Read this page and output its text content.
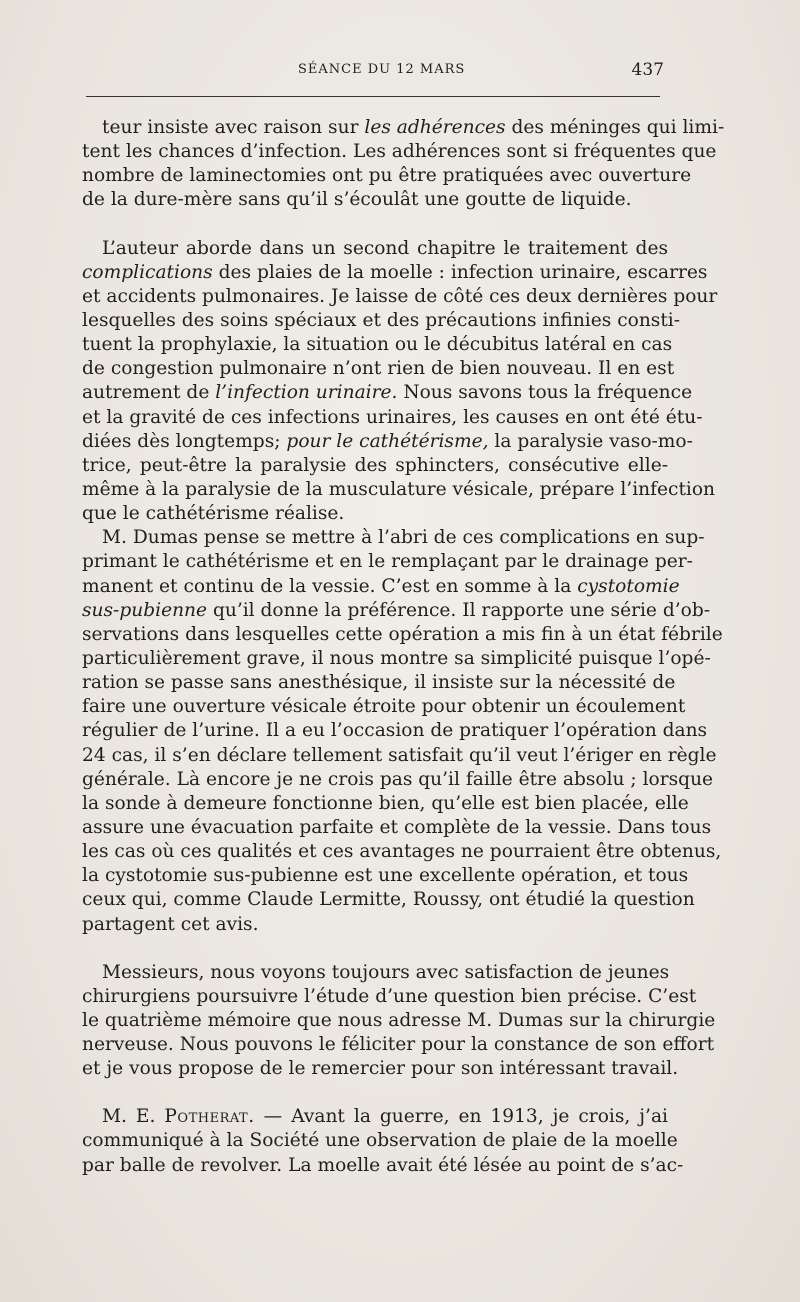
SÉANCE DU 12 MARS	437

teur insiste avec raison sur les adhérences des méninges qui limi-
tent les chances d’infection. Les adhérences sont si fréquentes que
nombre de laminectomies ont pu être pratiquées avec ouverture
de la dure-mère sans qu’il s’écoulât une goutte de liquide.

L’auteur aborde dans un second chapitre le traitement des
complications des plaies de la moelle : infection urinaire, escarres
et accidents pulmonaires. Je laisse de côté ces deux dernières pour
lesquelles des soins spéciaux et des précautions infinies consti-
tuent la prophylaxie, la situation ou le décubitus latéral en cas
de congestion pulmonaire n’ont rien de bien nouveau. Il en est
autrement de l’infection urinaire. Nous savons tous la fréquence
et la gravité de ces infections urinaires, les causes en ont été étu-
diées dès longtemps; pour le cathétérisme, la paralysie vaso-mo-
trice, peut-être la paralysie des sphincters, consécutive elle-
même à la paralysie de la musculature vésicale, prépare l’infection
que le cathétérisme réalise.

M. Dumas pense se mettre à l’abri de ces complications en sup-
primant le cathétérisme et en le remplaçant par le drainage per-
manent et continu de la vessie. C’est en somme à la cystotomie
sus-pubienne qu’il donne la préférence. Il rapporte une série d’ob-
servations dans lesquelles cette opération a mis fin à un état fébrile
particulièrement grave, il nous montre sa simplicité puisque l’opé-
ration se passe sans anesthésique, il insiste sur la nécessité de
faire une ouverture vésicale étroite pour obtenir un écoulement
régulier de l’urine. Il a eu l’occasion de pratiquer l’opération dans
24 cas, il s’en déclare tellement satisfait qu’il veut l’ériger en règle
générale. Là encore je ne crois pas qu’il faille être absolu ; lorsque
la sonde à demeure fonctionne bien, qu’elle est bien placée, elle
assure une évacuation parfaite et complète de la vessie. Dans tous
les cas où ces qualités et ces avantages ne pourraient être obtenus,
la cystotomie sus-pubienne est une excellente opération, et tous
ceux qui, comme Claude Lermitte, Roussy, ont étudié la question
partagent cet avis.

Messieurs, nous voyons toujours avec satisfaction de jeunes
chirurgiens poursuivre l’étude d’une question bien précise. C’est
le quatrième mémoire que nous adresse M. Dumas sur la chirurgie
nerveuse. Nous pouvons le féliciter pour la constance de son effort
et je vous propose de le remercier pour son intéressant travail.

M. E. Potherat. — Avant la guerre, en 1913, je crois, j’ai
communiqué à la Société une observation de plaie de la moelle
par balle de revolver. La moelle avait été lésée au point de s’ac-
